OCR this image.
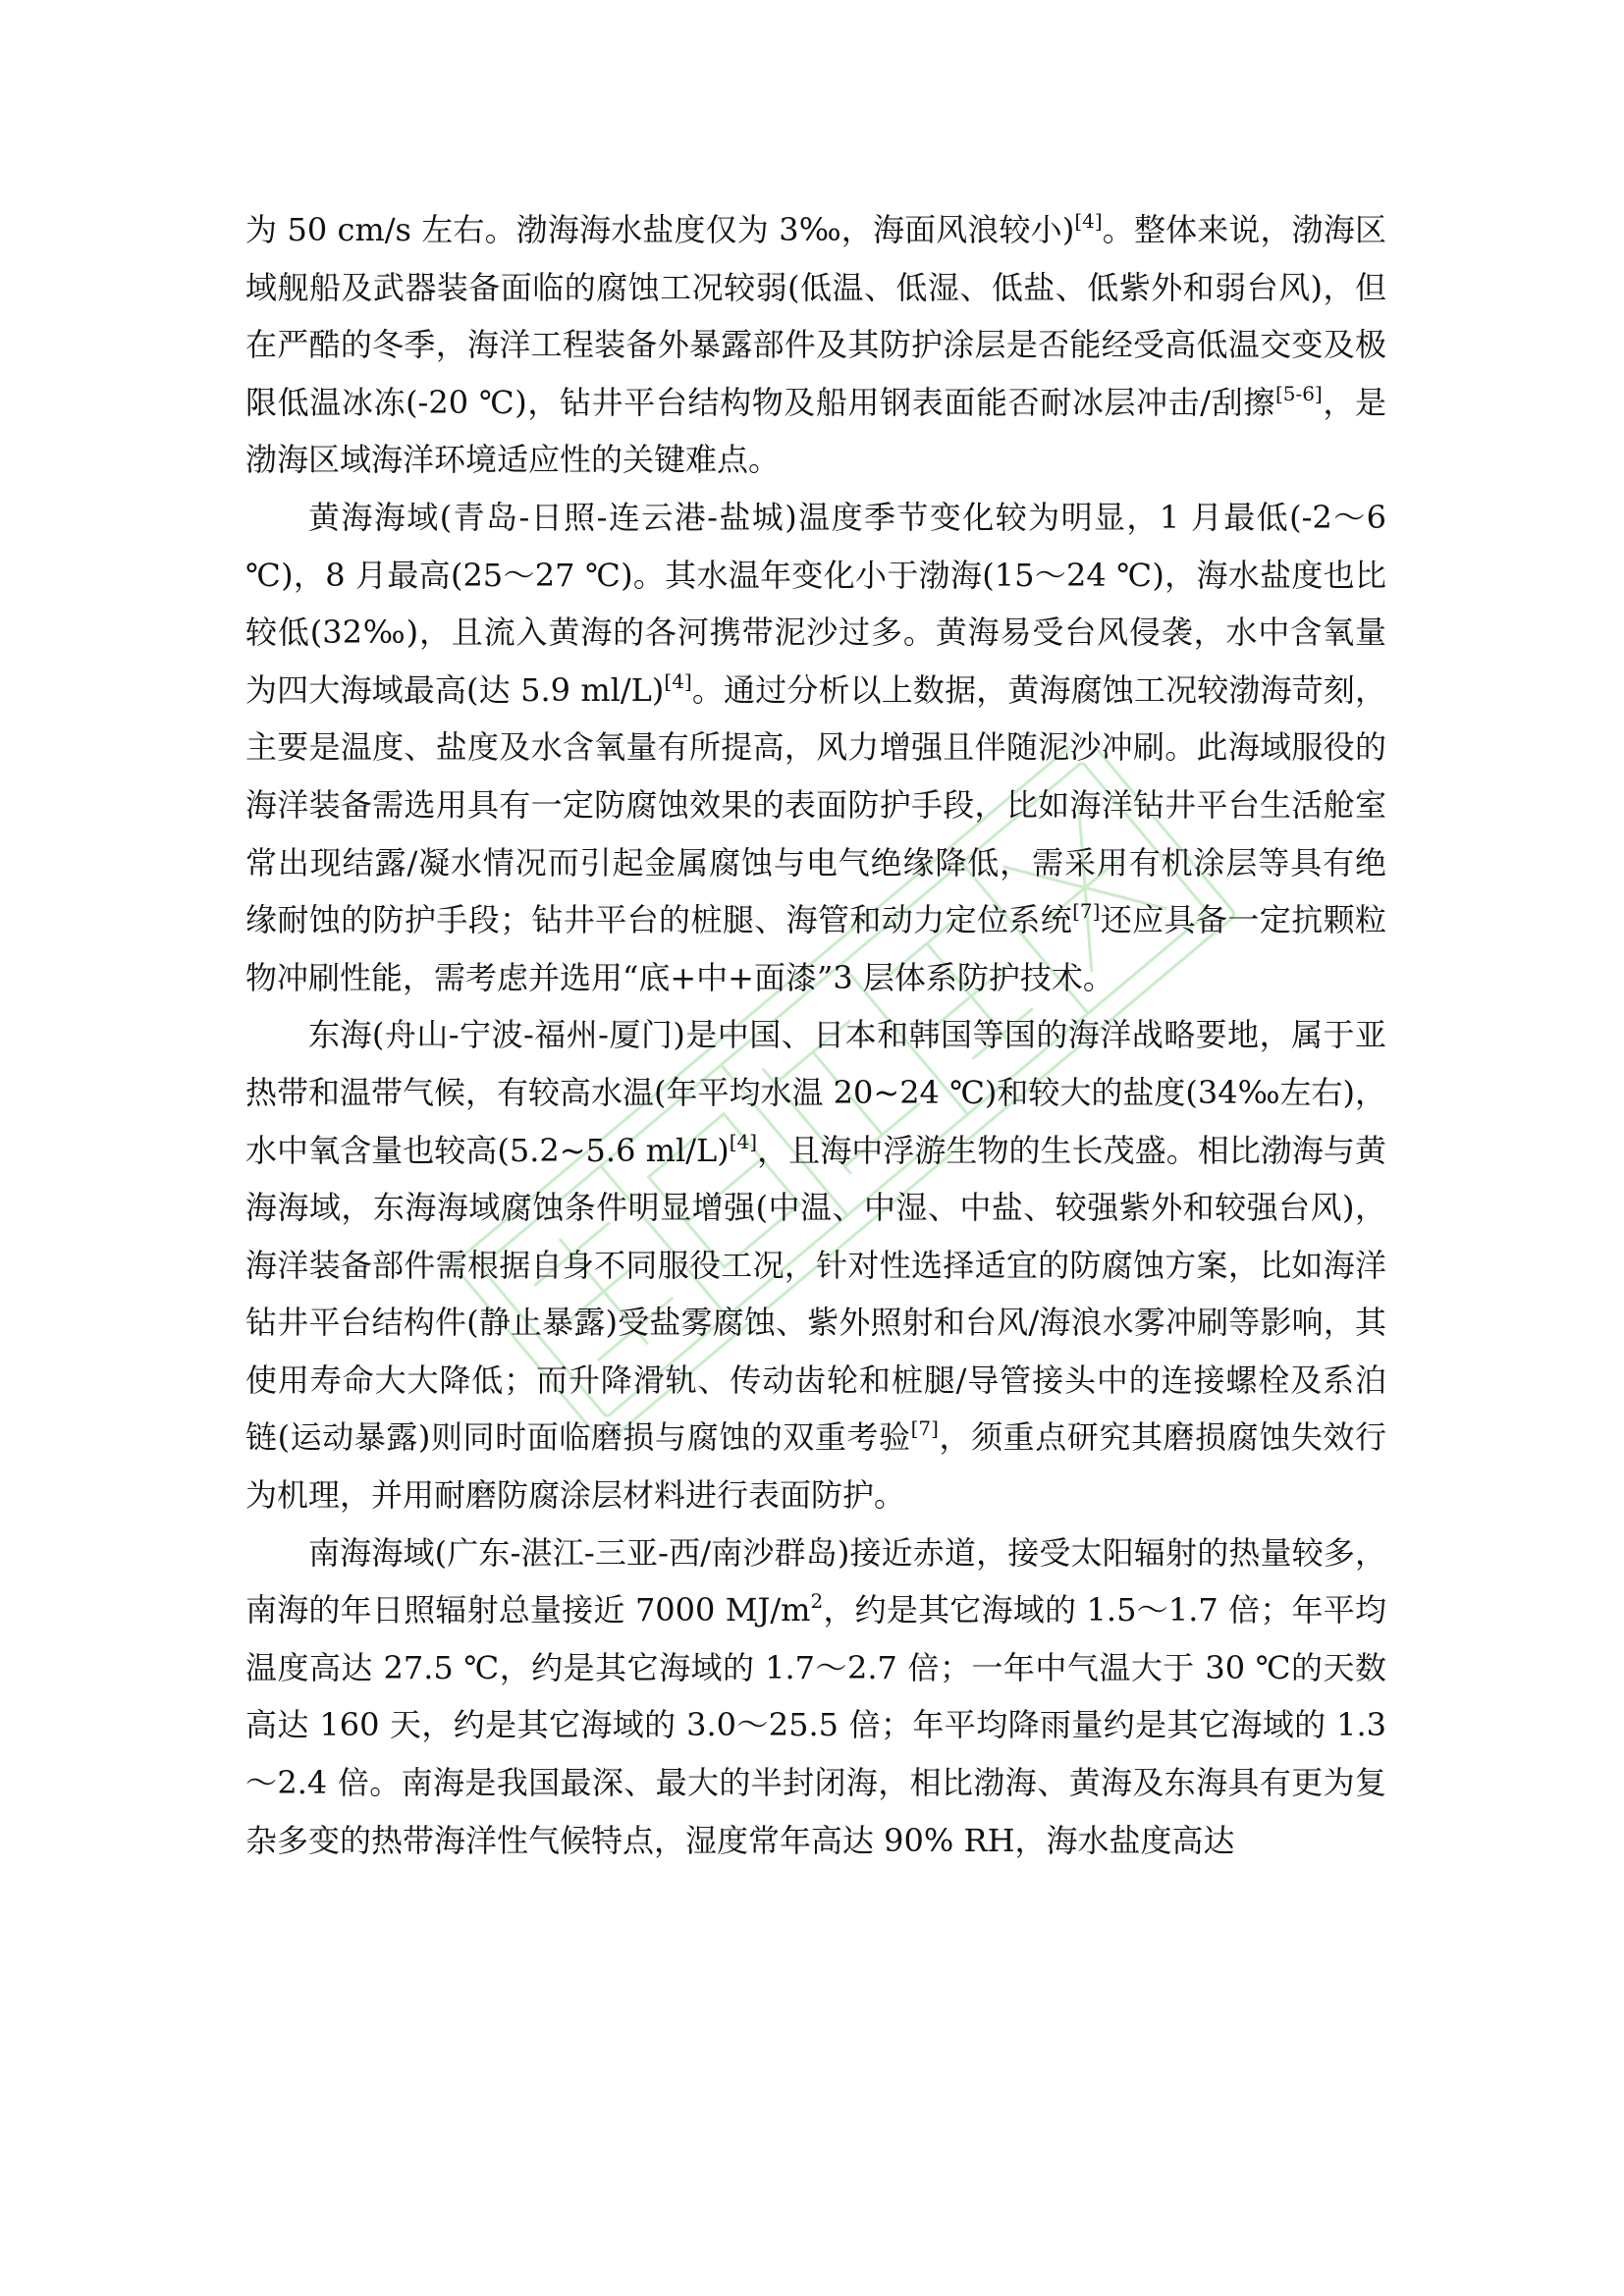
为 50 cm/s 左右。渤海海水盐度仅为 3‰，海面风浪较小)[4]。整体来说，渤海区域舰船及武器装备面临的腐蚀工况较弱(低温、低湿、低盐、低紫外和弱台风)，但在严酷的冬季，海洋工程装备外暴露部件及其防护涂层是否能经受高低温交变及极限低温冰冻(-20 ℃)，钻井平台结构物及船用钢表面能否耐冰层冲击/刮擦[5-6]，是渤海区域海洋环境适应性的关键难点。

黄海海域(青岛-日照-连云港-盐城)温度季节变化较为明显，1 月最低(-2～6 ℃)，8 月最高(25～27 ℃)。其水温年变化小于渤海(15～24 ℃)，海水盐度也比较低(32‰)，且流入黄海的各河携带泥沙过多。黄海易受台风侵袭，水中含氧量为四大海域最高(达 5.9 ml/L)[4]。通过分析以上数据，黄海腐蚀工况较渤海苛刻，主要是温度、盐度及水含氧量有所提高，风力增强且伴随泥沙冲刷。此海域服役的海洋装备需选用具有一定防腐蚀效果的表面防护手段，比如海洋钻井平台生活舱室常出现结露/凝水情况而引起金属腐蚀与电气绝缘降低，需采用有机涂层等具有绝缘耐蚀的防护手段；钻井平台的桩腿、海管和动力定位系统[7]还应具备一定抗颗粒物冲刷性能，需考虑并选用“底+中+面漆”3 层体系防护技术。

东海(舟山-宁波-福州-厦门)是中国、日本和韩国等国的海洋战略要地，属于亚热带和温带气候，有较高水温(年平均水温 20~24 ℃)和较大的盐度(34‰左右)，水中氧含量也较高(5.2~5.6 ml/L)[4]，且海中浮游生物的生长茂盛。相比渤海与黄海海域，东海海域腐蚀条件明显增强(中温、中湿、中盐、较强紫外和较强台风)，海洋装备部件需根据自身不同服役工况，针对性选择适宜的防腐蚀方案，比如海洋钻井平台结构件(静止暴露)受盐雾腐蚀、紫外照射和台风/海浪水雾冲刷等影响，其使用寿命大大降低；而升降滑轨、传动齿轮和桩腿/导管接头中的连接螺栓及系泊链(运动暴露)则同时面临磨损与腐蚀的双重考验[7]，须重点研究其磨损腐蚀失效行为机理，并用耐磨防腐涂层材料进行表面防护。

南海海域(广东-湛江-三亚-西/南沙群岛)接近赤道，接受太阳辐射的热量较多，南海的年日照辐射总量接近 7000 $MJ/m^2$，约是其它海域的 1.5～1.7 倍；年平均温度高达 27.5 ℃，约是其它海域的 1.7～2.7 倍；一年中气温大于 30 ℃的天数高达 160 天，约是其它海域的 3.0～25.5 倍；年平均降雨量约是其它海域的 1.3～2.4 倍。南海是我国最深、最大的半封闭海，相比渤海、黄海及东海具有更为复杂多变的热带海洋性气候特点，湿度常年高达 90% RH，海水盐度高达
